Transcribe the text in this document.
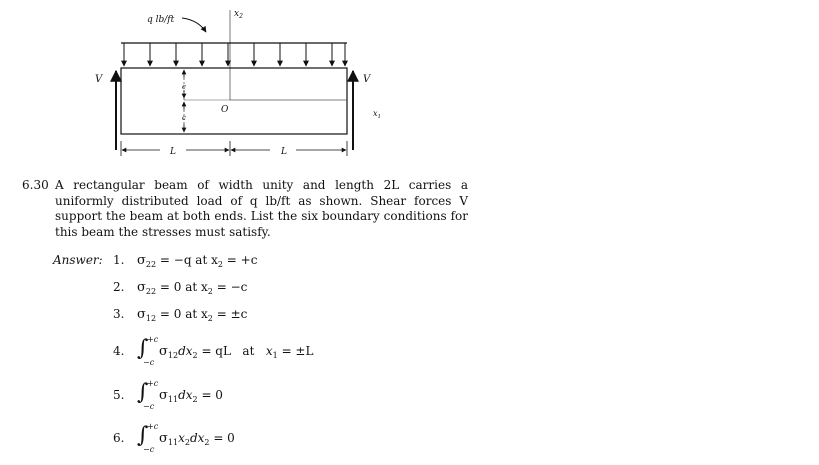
q lb/ft
$x_2$
$x_1$
O
c
c
V	V
L	L
6.30 A rectangular beam of width unity and length 2L carries a uniformly distributed load of q lb/ft as shown. Shear forces V support the beam at both ends. List the six boundary conditions for this beam the stresses must satisfy.
Answer: 1. $\sigma_{22} = -q$ at $x_2 = +c$
2. $\sigma_{22} = 0$ at $x_2 = -c$
3. $\sigma_{12} = 0$ at $x_2 = \pm c$
4. ∫
+c
−c
$\sigma_{12}dx_2$ = qL at $x_1 = \pm L$
5. ∫
+c
−c
$\sigma_{11}dx_2 = 0$
6. ∫
+c
−c
$\sigma_{11}x_2dx_2 = 0$
